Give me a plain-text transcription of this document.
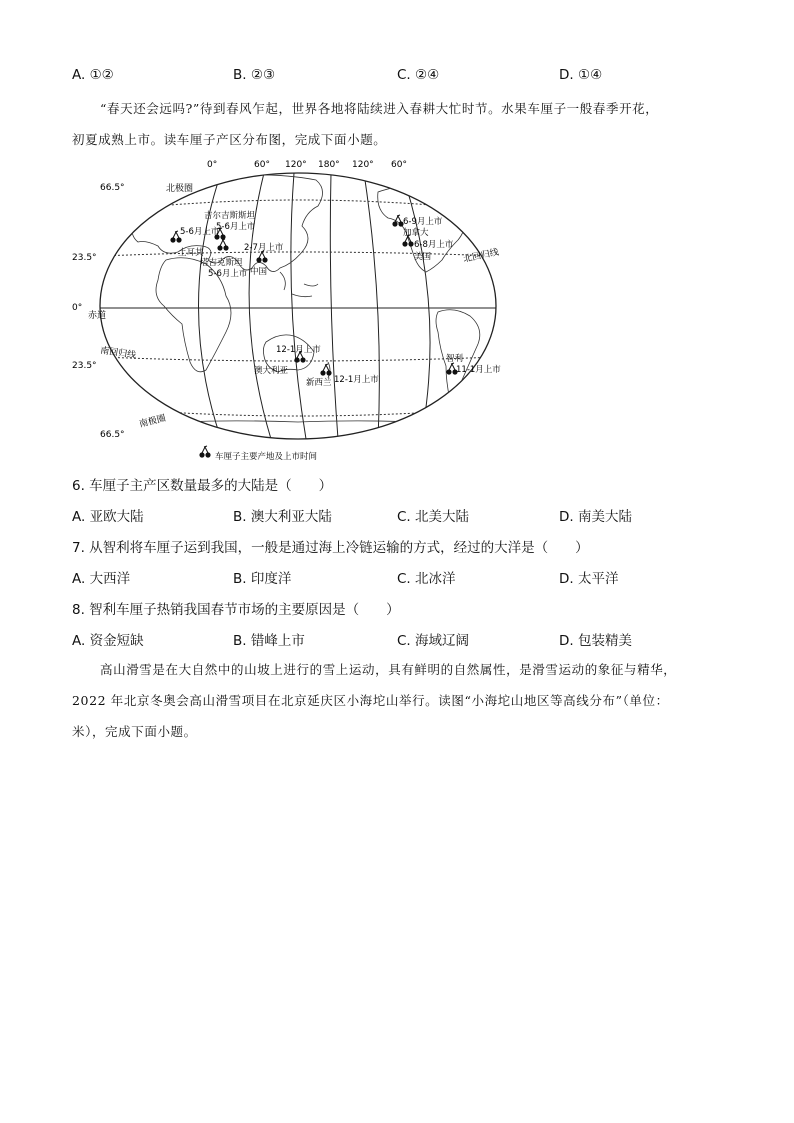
A. ①②	B. ②③	C. ②④	D. ①④
“春天还会远吗?”待到春风乍起，世界各地将陆续进入春耕大忙时节。水果车厘子一般春季开花，
初夏成熟上市。读车厘子产区分布图，完成下面小题。
0°	60° 120° 180° 120° 60°
66.5°
23.5°
0°
23.5°
66.5°
北极圈
北回归线
赤道
南回归线
南极圈
吉尔吉斯斯坦
5-6月上市
5-6月上市
土耳其
塔吉克斯坦
5-6月上市
2-7月上市
中国
6-9月上市
加拿大
6-8月上市
美国
12-1月上市
澳大利亚
新西兰 12-1月上市
智利
11-1月上市
车厘子主要产地及上市时间
6. 车厘子主产区数量最多的大陆是（　　）
A. 亚欧大陆	B. 澳大利亚大陆	C. 北美大陆	D. 南美大陆
7. 从智利将车厘子运到我国，一般是通过海上冷链运输的方式，经过的大洋是（　　）
A. 大西洋	B. 印度洋	C. 北冰洋	D. 太平洋
8. 智利车厘子热销我国春节市场的主要原因是（　　）
A. 资金短缺	B. 错峰上市	C. 海域辽阔	D. 包装精美
高山滑雪是在大自然中的山坡上进行的雪上运动，具有鲜明的自然属性，是滑雪运动的象征与精华，
2022 年北京冬奥会高山滑雪项目在北京延庆区小海坨山举行。读图“小海坨山地区等高线分布”（单位：
米），完成下面小题。
